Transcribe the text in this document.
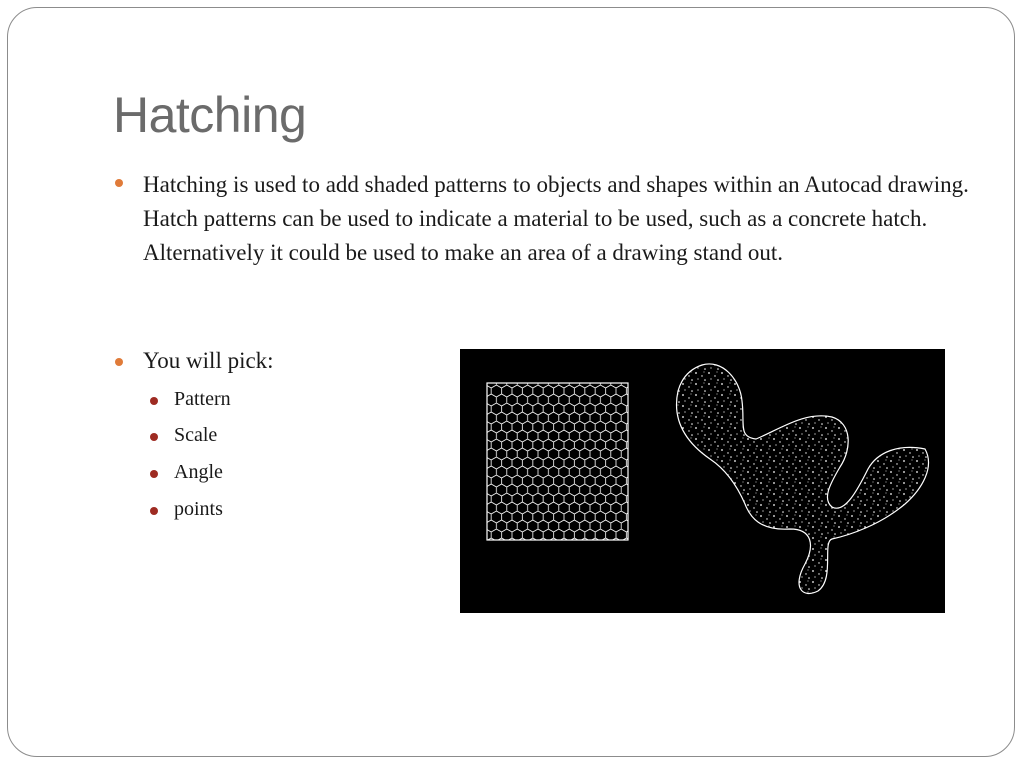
Hatching

Hatching is used to add shaded patterns to objects and shapes within an Autocad drawing. Hatch patterns can be used to indicate a material to be used, such as a concrete hatch. Alternatively it could be used to make an area of a drawing stand out.

You will pick:

Pattern

Scale

Angle

points
